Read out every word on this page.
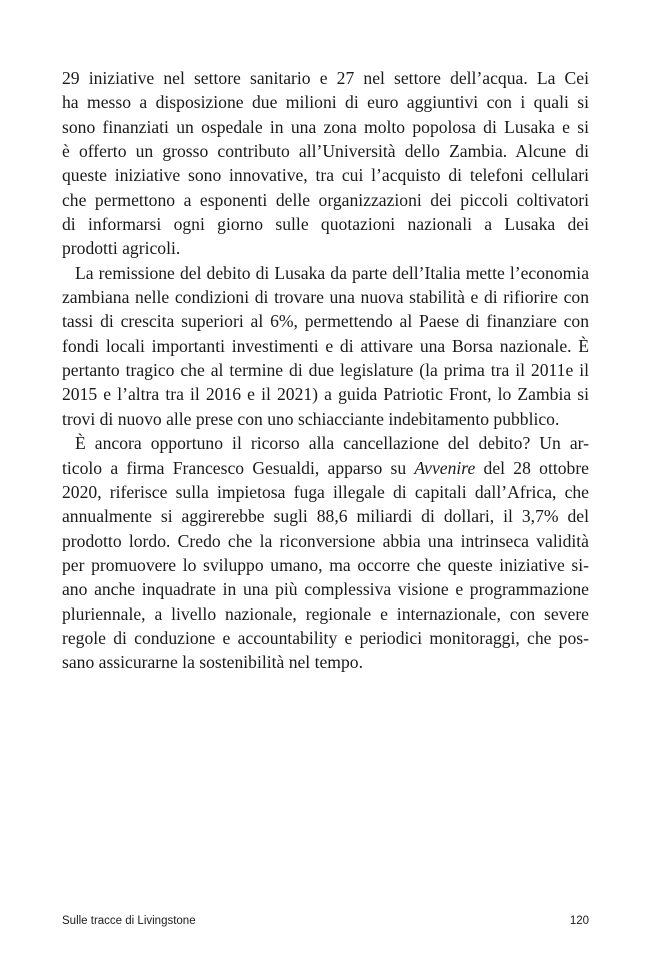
29 iniziative nel settore sanitario e 27 nel settore dell’acqua. La Cei
ha messo a disposizione due milioni di euro aggiuntivi con i quali si
sono finanziati un ospedale in una zona molto popolosa di Lusaka e si
è offerto un grosso contributo all’Università dello Zambia. Alcune di
queste iniziative sono innovative, tra cui l’acquisto di telefoni cellulari
che permettono a esponenti delle organizzazioni dei piccoli coltivatori
di informarsi ogni giorno sulle quotazioni nazionali a Lusaka dei
prodotti agricoli.
La remissione del debito di Lusaka da parte dell’Italia mette l’economia
zambiana nelle condizioni di trovare una nuova stabilità e di rifiorire con
tassi di crescita superiori al 6%, permettendo al Paese di finanziare con
fondi locali importanti investimenti e di attivare una Borsa nazionale. È
pertanto tragico che al termine di due legislature (la prima tra il 2011e il
2015 e l’altra tra il 2016 e il 2021) a guida Patriotic Front, lo Zambia si
trovi di nuovo alle prese con uno schiacciante indebitamento pubblico.
È ancora opportuno il ricorso alla cancellazione del debito? Un ar-
ticolo a firma Francesco Gesualdi, apparso su Avvenire del 28 ottobre
2020, riferisce sulla impietosa fuga illegale di capitali dall’Africa, che
annualmente si aggirerebbe sugli 88,6 miliardi di dollari, il 3,7% del
prodotto lordo. Credo che la riconversione abbia una intrinseca validità
per promuovere lo sviluppo umano, ma occorre che queste iniziative si-
ano anche inquadrate in una più complessiva visione e programmazione
pluriennale, a livello nazionale, regionale e internazionale, con severe
regole di conduzione e accountability e periodici monitoraggi, che pos-
sano assicurarne la sostenibilità nel tempo.
Sulle tracce di Livingstone	120
